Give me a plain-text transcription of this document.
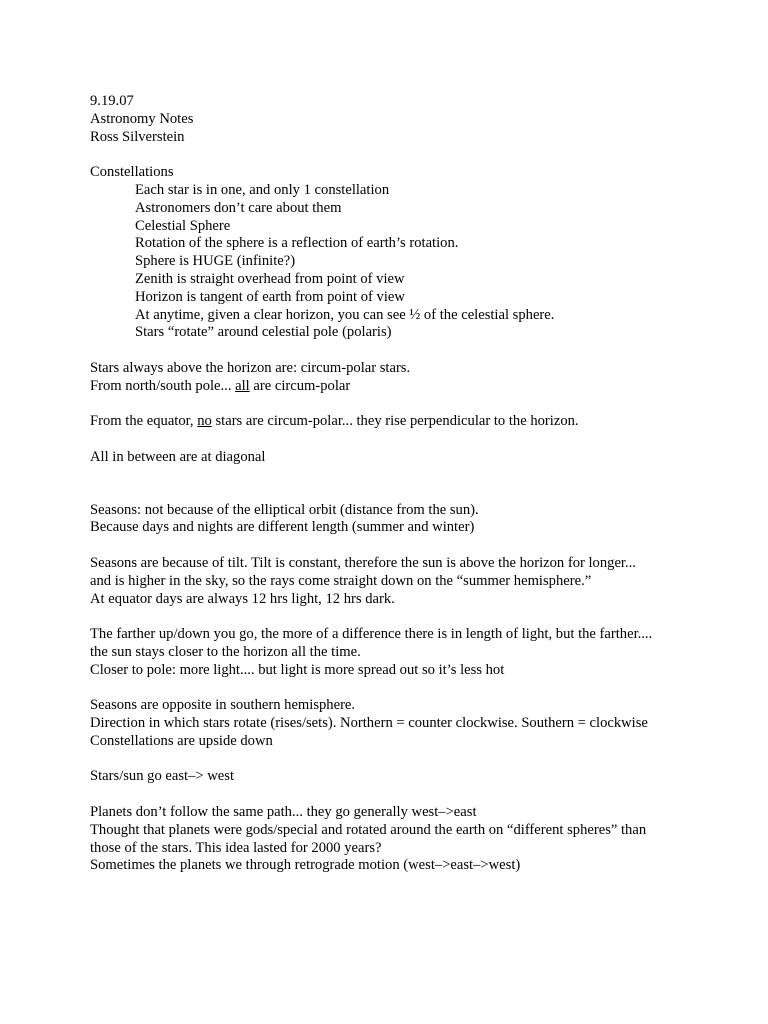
9.19.07
Astronomy Notes
Ross Silverstein
Constellations
Each star is in one, and only 1 constellation
Astronomers don’t care about them
Celestial Sphere
Rotation of the sphere is a reflection of earth’s rotation.
Sphere is HUGE (infinite?)
Zenith is straight overhead from point of view
Horizon is tangent of earth from point of view
At anytime, given a clear horizon, you can see ½ of the celestial sphere.
Stars “rotate” around celestial pole (polaris)
Stars always above the horizon are: circum-polar stars.
From north/south pole... all are circum-polar
From the equator, no stars are circum-polar... they rise perpendicular to the horizon.
All in between are at diagonal
Seasons: not because of the elliptical orbit (distance from the sun).
Because days and nights are different length (summer and winter)
Seasons are because of tilt. Tilt is constant, therefore the sun is above the horizon for longer...
and is higher in the sky, so the rays come straight down on the “summer hemisphere.”
At equator days are always 12 hrs light, 12 hrs dark.
The farther up/down you go, the more of a difference there is in length of light, but the farther....
the sun stays closer to the horizon all the time.
Closer to pole: more light.... but light is more spread out so it’s less hot
Seasons are opposite in southern hemisphere.
Direction in which stars rotate (rises/sets). Northern = counter clockwise. Southern = clockwise
Constellations are upside down
Stars/sun go east–> west
Planets don’t follow the same path... they go generally west–>east
Thought that planets were gods/special and rotated around the earth on “different spheres” than
those of the stars. This idea lasted for 2000 years?
Sometimes the planets we through retrograde motion (west–>east–>west)
